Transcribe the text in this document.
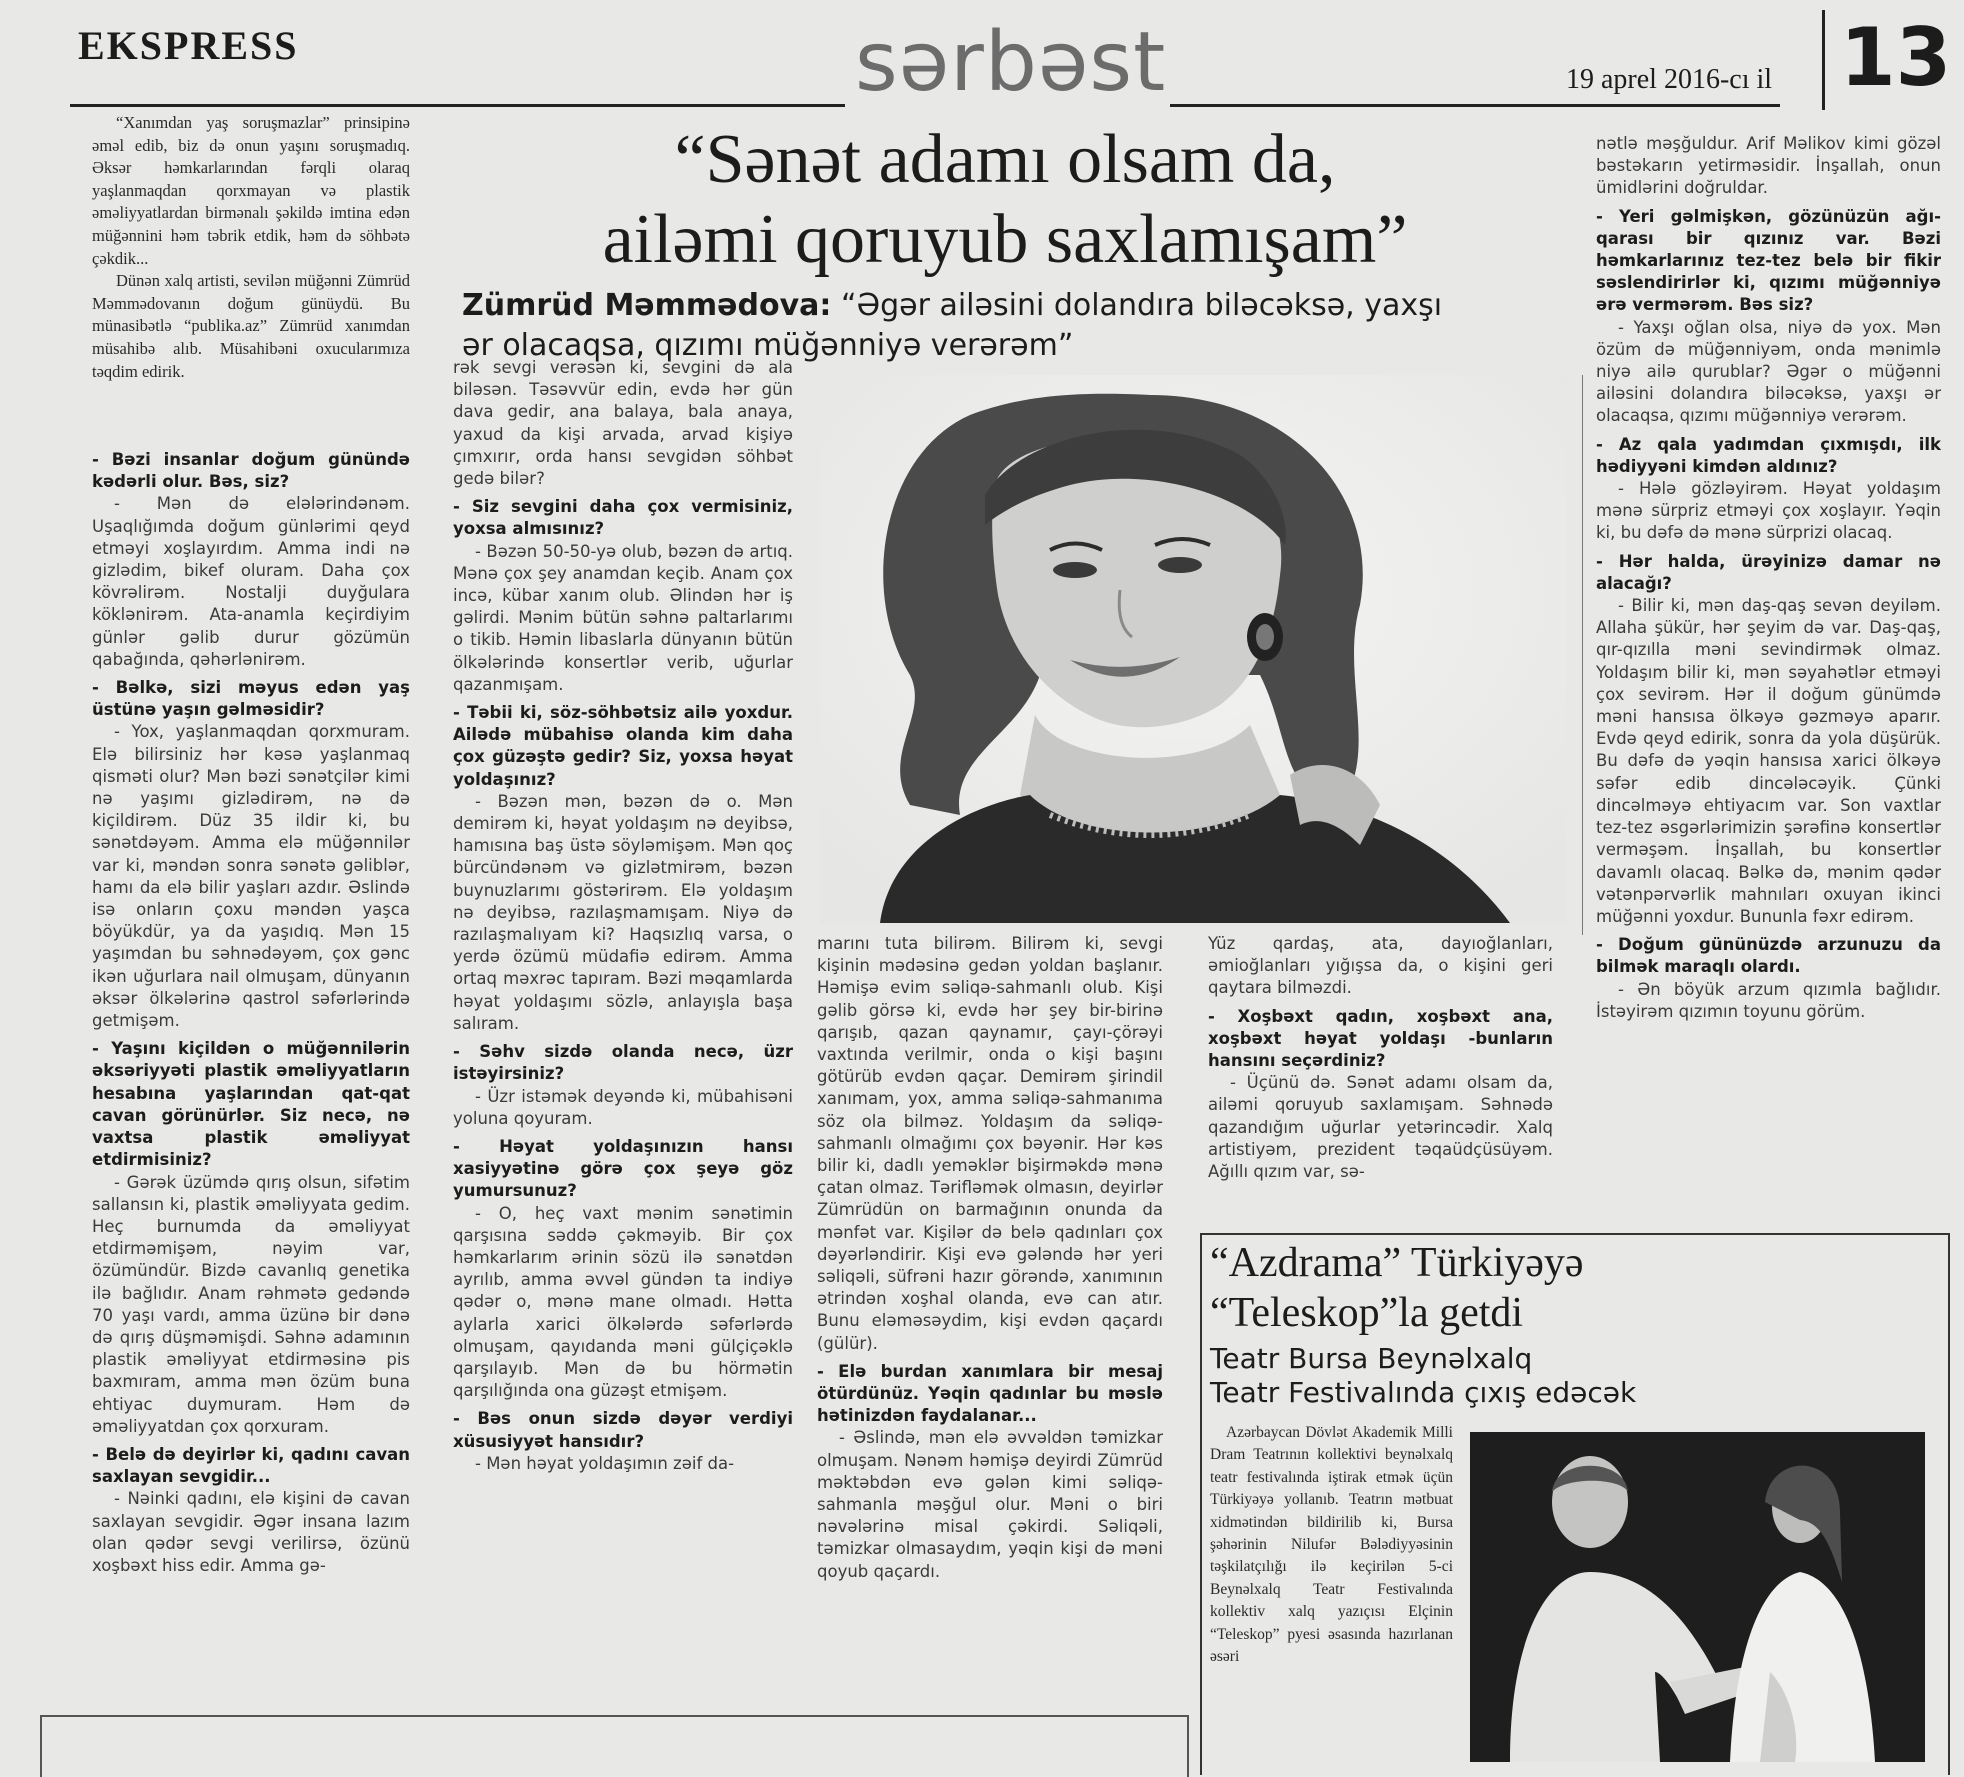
EKSPRESS	sərbəst	19 aprel 2016-cı il 13

“Xanımdan yaş soruşmazlar” prinsipinə əməl edib, biz də onun yaşını soruşmadıq. Əksər həmkarlarından fərqli olaraq yaşlanmaqdan qorxmayan və plastik əməliyyatlardan birmənalı şəkildə imtina edən müğənnini həm təbrik etdik, həm də söhbətə çəkdik...

Dünən xalq artisti, sevilən müğənni Zümrüd Məmmədovanın doğum günüydü. Bu münasibətlə “publika.az” Zümrüd xanımdan müsahibə alıb. Müsahibəni oxucularımıza təqdim edirik.

“Sənət adamı olsam da,
ailəmi qoruyub saxlamışam”
Zümrüd Məmmədova: “Əgər ailəsini dolandıra biləcəksə, yaxşı ər olacaqsa, qızımı müğənniyə verərəm”

- Bəzi insanlar doğum günündə kədərli olur. Bəs, siz?

- Mən də elələrindənəm. Uşaqlığımda doğum günlərimi qeyd etməyi xoşlayırdım. Amma indi nə gizlədim, bikef oluram. Daha çox kövrəlirəm. Nostalji duyğulara köklənirəm. Ata-anamla keçirdiyim günlər gəlib durur gözümün qabağında, qəhərlənirəm.

- Bəlkə, sizi məyus edən yaş üstünə yaşın gəlməsidir?

- Yox, yaşlanmaqdan qorxmuram. Elə bilirsiniz hər kəsə yaşlanmaq qisməti olur? Mən bəzi sənətçilər kimi nə yaşımı gizlədirəm, nə də kiçildirəm. Düz 35 ildir ki, bu sənətdəyəm. Amma elə müğənnilər var ki, məndən sonra sənətə gəliblər, hamı da elə bilir yaşları azdır. Əslində isə onların çoxu məndən yaşca böyükdür, ya da yaşıdıq. Mən 15 yaşımdan bu səhnədəyəm, çox gənc ikən uğurlara nail olmuşam, dünyanın əksər ölkələrinə qastrol səfərlərində getmişəm.

- Yaşını kiçildən o müğənnilərin əksəriyyəti plastik əməliyyatların hesabına yaşlarından qat-qat cavan görünürlər. Siz necə, nə vaxtsa plastik əməliyyat etdirmisiniz?

- Gərək üzümdə qırış olsun, sifətim sallansın ki, plastik əməliyyata gedim. Heç burnumda da əməliyyat etdirməmişəm, nəyim var, özümündür. Bizdə cavanlıq genetika ilə bağlıdır. Anam rəhmətə gedəndə 70 yaşı vardı, amma üzünə bir dənə də qırış düşməmişdi. Səhnə adamının plastik əməliyyat etdirməsinə pis baxmıram, amma mən özüm buna ehtiyac duymuram. Həm də əməliyyatdan çox qorxuram.

- Belə də deyirlər ki, qadını cavan saxlayan sevgidir...

- Nəinki qadını, elə kişini də cavan saxlayan sevgidir. Əgər insana lazım olan qədər sevgi verilirsə, özünü xoşbəxt hiss edir. Amma gə-

rək sevgi verəsən ki, sevgini də ala biləsən. Təsəvvür edin, evdə hər gün dava gedir, ana balaya, bala anaya, yaxud da kişi arvada, arvad kişiyə çımxırır, orda hansı sevgidən söhbət gedə bilər?

- Siz sevgini daha çox vermisiniz, yoxsa almısınız?

- Bəzən 50-50-yə olub, bəzən də artıq. Mənə çox şey anamdan keçib. Anam çox incə, kübar xanım olub. Əlindən hər iş gəlirdi. Mənim bütün səhnə paltarlarımı o tikib. Həmin libaslarla dünyanın bütün ölkələrində konsertlər verib, uğurlar qazanmışam.

- Təbii ki, söz-söhbətsiz ailə yoxdur. Ailədə mübahisə olanda kim daha çox güzəştə gedir? Siz, yoxsa həyat yoldaşınız?

- Bəzən mən, bəzən də o. Mən demirəm ki, həyat yoldaşım nə deyibsə, hamısına baş üstə söyləmişəm. Mən qoç bürcündənəm və gizlətmirəm, bəzən buynuzlarımı göstərirəm. Elə yoldaşım nə deyibsə, razılaşmamışam. Niyə də razılaşmalıyam ki? Haqsızlıq varsa, o yerdə özümü müdafiə edirəm. Amma ortaq məxrəc tapıram. Bəzi məqamlarda həyat yoldaşımı sözlə, anlayışla başa salıram.

- Səhv sizdə olanda necə, üzr istəyirsiniz?

- Üzr istəmək deyəndə ki, mübahisəni yoluna qoyuram.

- Həyat yoldaşınızın hansı xasiyyətinə görə çox şeyə göz yumursunuz?

- O, heç vaxt mənim sənətimin qarşısına səddə çəkməyib. Bir çox həmkarlarım ərinin sözü ilə sənətdən ayrılıb, amma əvvəl gündən ta indiyə qədər o, mənə mane olmadı. Hətta aylarla xarici ölkələrdə səfərlərdə olmuşam, qayıdanda məni gülçiçəklə qarşılayıb. Mən də bu hörmətin qarşılığında ona güzəşt etmişəm.

- Bəs onun sizdə dəyər verdiyi xüsusiyyət hansıdır?

- Mən həyat yoldaşımın zəif da-

marını tuta bilirəm. Bilirəm ki, sevgi kişinin mədəsinə gedən yoldan başlanır. Həmişə evim səliqə-sahmanlı olub. Kişi gəlib görsə ki, evdə hər şey bir-birinə qarışıb, qazan qaynamır, çayı-çörəyi vaxtında verilmir, onda o kişi başını götürüb evdən qaçar. Demirəm şirindil xanımam, yox, amma səliqə-sahmanıma söz ola bilməz. Yoldaşım da səliqə-sahmanlı olmağımı çox bəyənir. Hər kəs bilir ki, dadlı yeməklər bişirməkdə mənə çatan olmaz. Tərifləmək olmasın, deyirlər Zümrüdün on barmağının onunda da mənfət var. Kişilər də belə qadınları çox dəyərləndirir. Kişi evə gələndə hər yeri səliqəli, süfrəni hazır görəndə, xanımının ətrindən xoşhal olanda, evə can atır. Bunu eləməsəydim, kişi evdən qaçardı (gülür).

- Elə burdan xanımlara bir mesaj ötürdünüz. Yəqin qadınlar bu məslə hətinizdən faydalanar...

- Əslində, mən elə əvvəldən təmizkar olmuşam. Nənəm həmişə deyirdi Zümrüd məktəbdən evə gələn kimi səliqə-sahmanla məşğul olur. Məni o biri nəvələrinə misal çəkirdi. Səliqəli, təmizkar olmasaydım, yəqin kişi də məni qoyub qaçardı.

Yüz qardaş, ata, dayıoğlanları, əmioğlanları yığışsa da, o kişini geri qaytara bilməzdi.

- Xoşbəxt qadın, xoşbəxt ana, xoşbəxt həyat yoldaşı -bunların hansını seçərdiniz?

- Üçünü də. Sənət adamı olsam da, ailəmi qoruyub saxlamışam. Səhnədə qazandığım uğurlar yetərincədir. Xalq artistiyəm, prezident təqaüdçüsüyəm. Ağıllı qızım var, sə-

nətlə məşğuldur. Arif Məlikov kimi gözəl bəstəkarın yetirməsidir. İnşallah, onun ümidlərini doğruldar.

- Yeri gəlmişkən, gözünüzün ağı-qarası bir qızınız var. Bəzi həmkarlarınız tez-tez belə bir fikir səslendirirlər ki, qızımı müğənniyə ərə vermərəm. Bəs siz?

- Yaxşı oğlan olsa, niyə də yox. Mən özüm də müğənniyəm, onda mənimlə niyə ailə qurublar? Əgər o müğənni ailəsini dolandıra biləcəksə, yaxşı ər olacaqsa, qızımı müğənniyə verərəm.

- Az qala yadımdan çıxmışdı, ilk hədiyyəni kimdən aldınız?

- Hələ gözləyirəm. Həyat yoldaşım mənə sürpriz etməyi çox xoşlayır. Yəqin ki, bu dəfə də mənə sürprizi olacaq.

- Hər halda, ürəyinizə damar nə alacağı?

- Bilir ki, mən daş-qaş sevən deyiləm. Allaha şükür, hər şeyim də var. Daş-qaş, qır-qızılla məni sevindirmək olmaz. Yoldaşım bilir ki, mən səyahətlər etməyi çox sevirəm. Hər il doğum günümdə məni hansısa ölkəyə gəzməyə aparır. Evdə qeyd edirik, sonra da yola düşürük. Bu dəfə də yəqin hansısa xarici ölkəyə səfər edib dincələcəyik. Çünki dincəlməyə ehtiyacım var. Son vaxtlar tez-tez əsgərlərimizin şərəfinə konsertlər verməşəm. İnşallah, bu konsertlər davamlı olacaq. Bəlkə də, mənim qədər vətənpərvərlik mahnıları oxuyan ikinci müğənni yoxdur. Bununla fəxr edirəm.

- Doğum gününüzdə arzunuzu da bilmək maraqlı olardı.

- Ən böyük arzum qızımla bağlıdır. İstəyirəm qızımın toyunu görüm.

“Azdrama” Türkiyəyə
“Teleskop”la getdi
Teatr Bursa Beynəlxalq
Teatr Festivalında çıxış edəcək
Azərbaycan Dövlət Akademik Milli Dram Teatrının kollektivi beynəlxalq teatr festivalında iştirak etmək üçün Türkiyəyə yollanıb. Teatrın mətbuat xidmətindən bildirilib ki, Bursa şəhərinin Nilufər Bələdiyyəsinin təşkilatçılığı ilə keçirilən 5-ci Beynəlxalq Teatr Festivalında kollektiv xalq yazıçısı Elçinin “Teleskop” pyesi əsasında hazırlanan əsəri
